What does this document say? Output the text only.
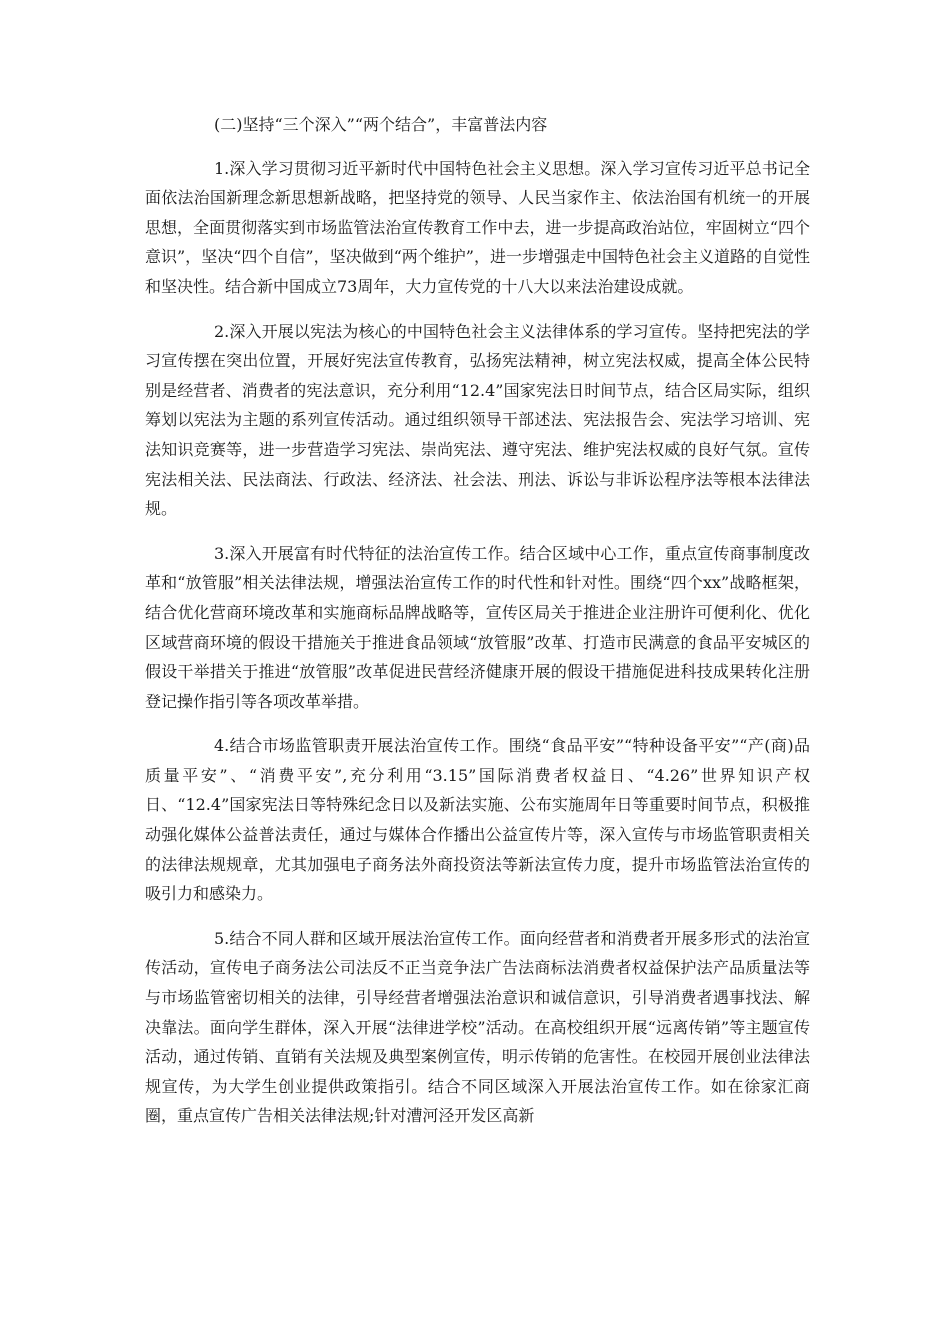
(二)坚持“三个深入”“两个结合”，丰富普法内容

1.深入学习贯彻习近平新时代中国特色社会主义思想。深入学习宣传习近平总书记全面依法治国新理念新思想新战略，把坚持党的领导、人民当家作主、依法治国有机统一的开展思想，全面贯彻落实到市场监管法治宣传教育工作中去，进一步提高政治站位，牢固树立“四个意识”，坚决“四个自信”，坚决做到“两个维护”，进一步增强走中国特色社会主义道路的自觉性和坚决性。结合新中国成立73周年，大力宣传党的十八大以来法治建设成就。

2.深入开展以宪法为核心的中国特色社会主义法律体系的学习宣传。坚持把宪法的学习宣传摆在突出位置，开展好宪法宣传教育，弘扬宪法精神，树立宪法权威，提高全体公民特别是经营者、消费者的宪法意识，充分利用“12.4”国家宪法日时间节点，结合区局实际，组织筹划以宪法为主题的系列宣传活动。通过组织领导干部述法、宪法报告会、宪法学习培训、宪法知识竞赛等，进一步营造学习宪法、崇尚宪法、遵守宪法、维护宪法权威的良好气氛。宣传宪法相关法、民法商法、行政法、经济法、社会法、刑法、诉讼与非诉讼程序法等根本法律法规。

3.深入开展富有时代特征的法治宣传工作。结合区域中心工作，重点宣传商事制度改革和“放管服”相关法律法规，增强法治宣传工作的时代性和针对性。围绕“四个xx”战略框架，结合优化营商环境改革和实施商标品牌战略等，宣传区局关于推进企业注册许可便利化、优化区域营商环境的假设干措施关于推进食品领域“放管服”改革、打造市民满意的食品平安城区的假设干举措关于推进“放管服”改革促进民营经济健康开展的假设干措施促进科技成果转化注册登记操作指引等各项改革举措。

4.结合市场监管职责开展法治宣传工作。围绕“食品平安”“特种设备平安”“产(商)品质量平安”、“消费平安”,充分利用“3.15”国际消费者权益日、“4.26”世界知识产权日、“12.4”国家宪法日等特殊纪念日以及新法实施、公布实施周年日等重要时间节点，积极推动强化媒体公益普法责任，通过与媒体合作播出公益宣传片等，深入宣传与市场监管职责相关的法律法规规章，尤其加强电子商务法外商投资法等新法宣传力度，提升市场监管法治宣传的吸引力和感染力。

5.结合不同人群和区域开展法治宣传工作。面向经营者和消费者开展多形式的法治宣传活动，宣传电子商务法公司法反不正当竞争法广告法商标法消费者权益保护法产品质量法等与市场监管密切相关的法律，引导经营者增强法治意识和诚信意识，引导消费者遇事找法、解决靠法。面向学生群体，深入开展“法律进学校”活动。在高校组织开展“远离传销”等主题宣传活动，通过传销、直销有关法规及典型案例宣传，明示传销的危害性。在校园开展创业法律法规宣传，为大学生创业提供政策指引。结合不同区域深入开展法治宣传工作。如在徐家汇商圈，重点宣传广告相关法律法规;针对漕河泾开发区高新
